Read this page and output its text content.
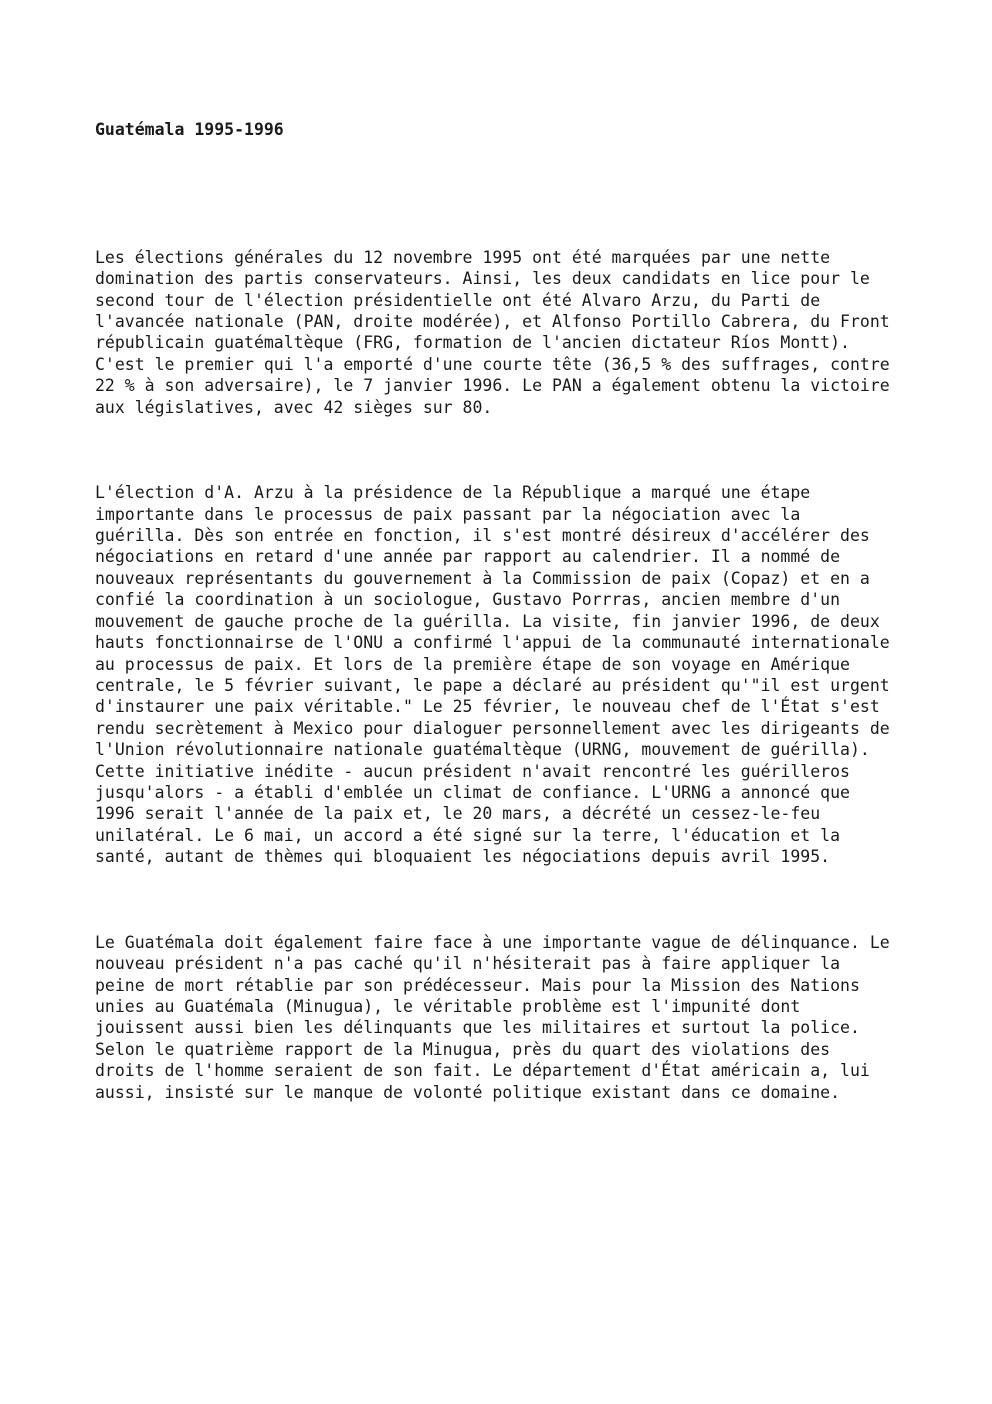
Guatémala 1995-1996

Les élections générales du 12 novembre 1995 ont été marquées par une nette
domination des partis conservateurs. Ainsi, les deux candidats en lice pour le
second tour de l'élection présidentielle ont été Alvaro Arzu, du Parti de
l'avancée nationale (PAN, droite modérée), et Alfonso Portillo Cabrera, du Front
républicain guatémaltèque (FRG, formation de l'ancien dictateur Ríos Montt).
C'est le premier qui l'a emporté d'une courte tête (36,5 % des suffrages, contre
22 % à son adversaire), le 7 janvier 1996. Le PAN a également obtenu la victoire
aux législatives, avec 42 sièges sur 80.

L'élection d'A. Arzu à la présidence de la République a marqué une étape
importante dans le processus de paix passant par la négociation avec la
guérilla. Dès son entrée en fonction, il s'est montré désireux d'accélérer des
négociations en retard d'une année par rapport au calendrier. Il a nommé de
nouveaux représentants du gouvernement à la Commission de paix (Copaz) et en a
confié la coordination à un sociologue, Gustavo Porrras, ancien membre d'un
mouvement de gauche proche de la guérilla. La visite, fin janvier 1996, de deux
hauts fonctionnairse de l'ONU a confirmé l'appui de la communauté internationale
au processus de paix. Et lors de la première étape de son voyage en Amérique
centrale, le 5 février suivant, le pape a déclaré au président qu'"il est urgent
d'instaurer une paix véritable." Le 25 février, le nouveau chef de l'État s'est
rendu secrètement à Mexico pour dialoguer personnellement avec les dirigeants de
l'Union révolutionnaire nationale guatémaltèque (URNG, mouvement de guérilla).
Cette initiative inédite - aucun président n'avait rencontré les guérilleros
jusqu'alors - a établi d'emblée un climat de confiance. L'URNG a annoncé que
1996 serait l'année de la paix et, le 20 mars, a décrété un cessez-le-feu
unilatéral. Le 6 mai, un accord a été signé sur la terre, l'éducation et la
santé, autant de thèmes qui bloquaient les négociations depuis avril 1995.

Le Guatémala doit également faire face à une importante vague de délinquance. Le
nouveau président n'a pas caché qu'il n'hésiterait pas à faire appliquer la
peine de mort rétablie par son prédécesseur. Mais pour la Mission des Nations
unies au Guatémala (Minugua), le véritable problème est l'impunité dont
jouissent aussi bien les délinquants que les militaires et surtout la police.
Selon le quatrième rapport de la Minugua, près du quart des violations des
droits de l'homme seraient de son fait. Le département d'État américain a, lui
aussi, insisté sur le manque de volonté politique existant dans ce domaine.
